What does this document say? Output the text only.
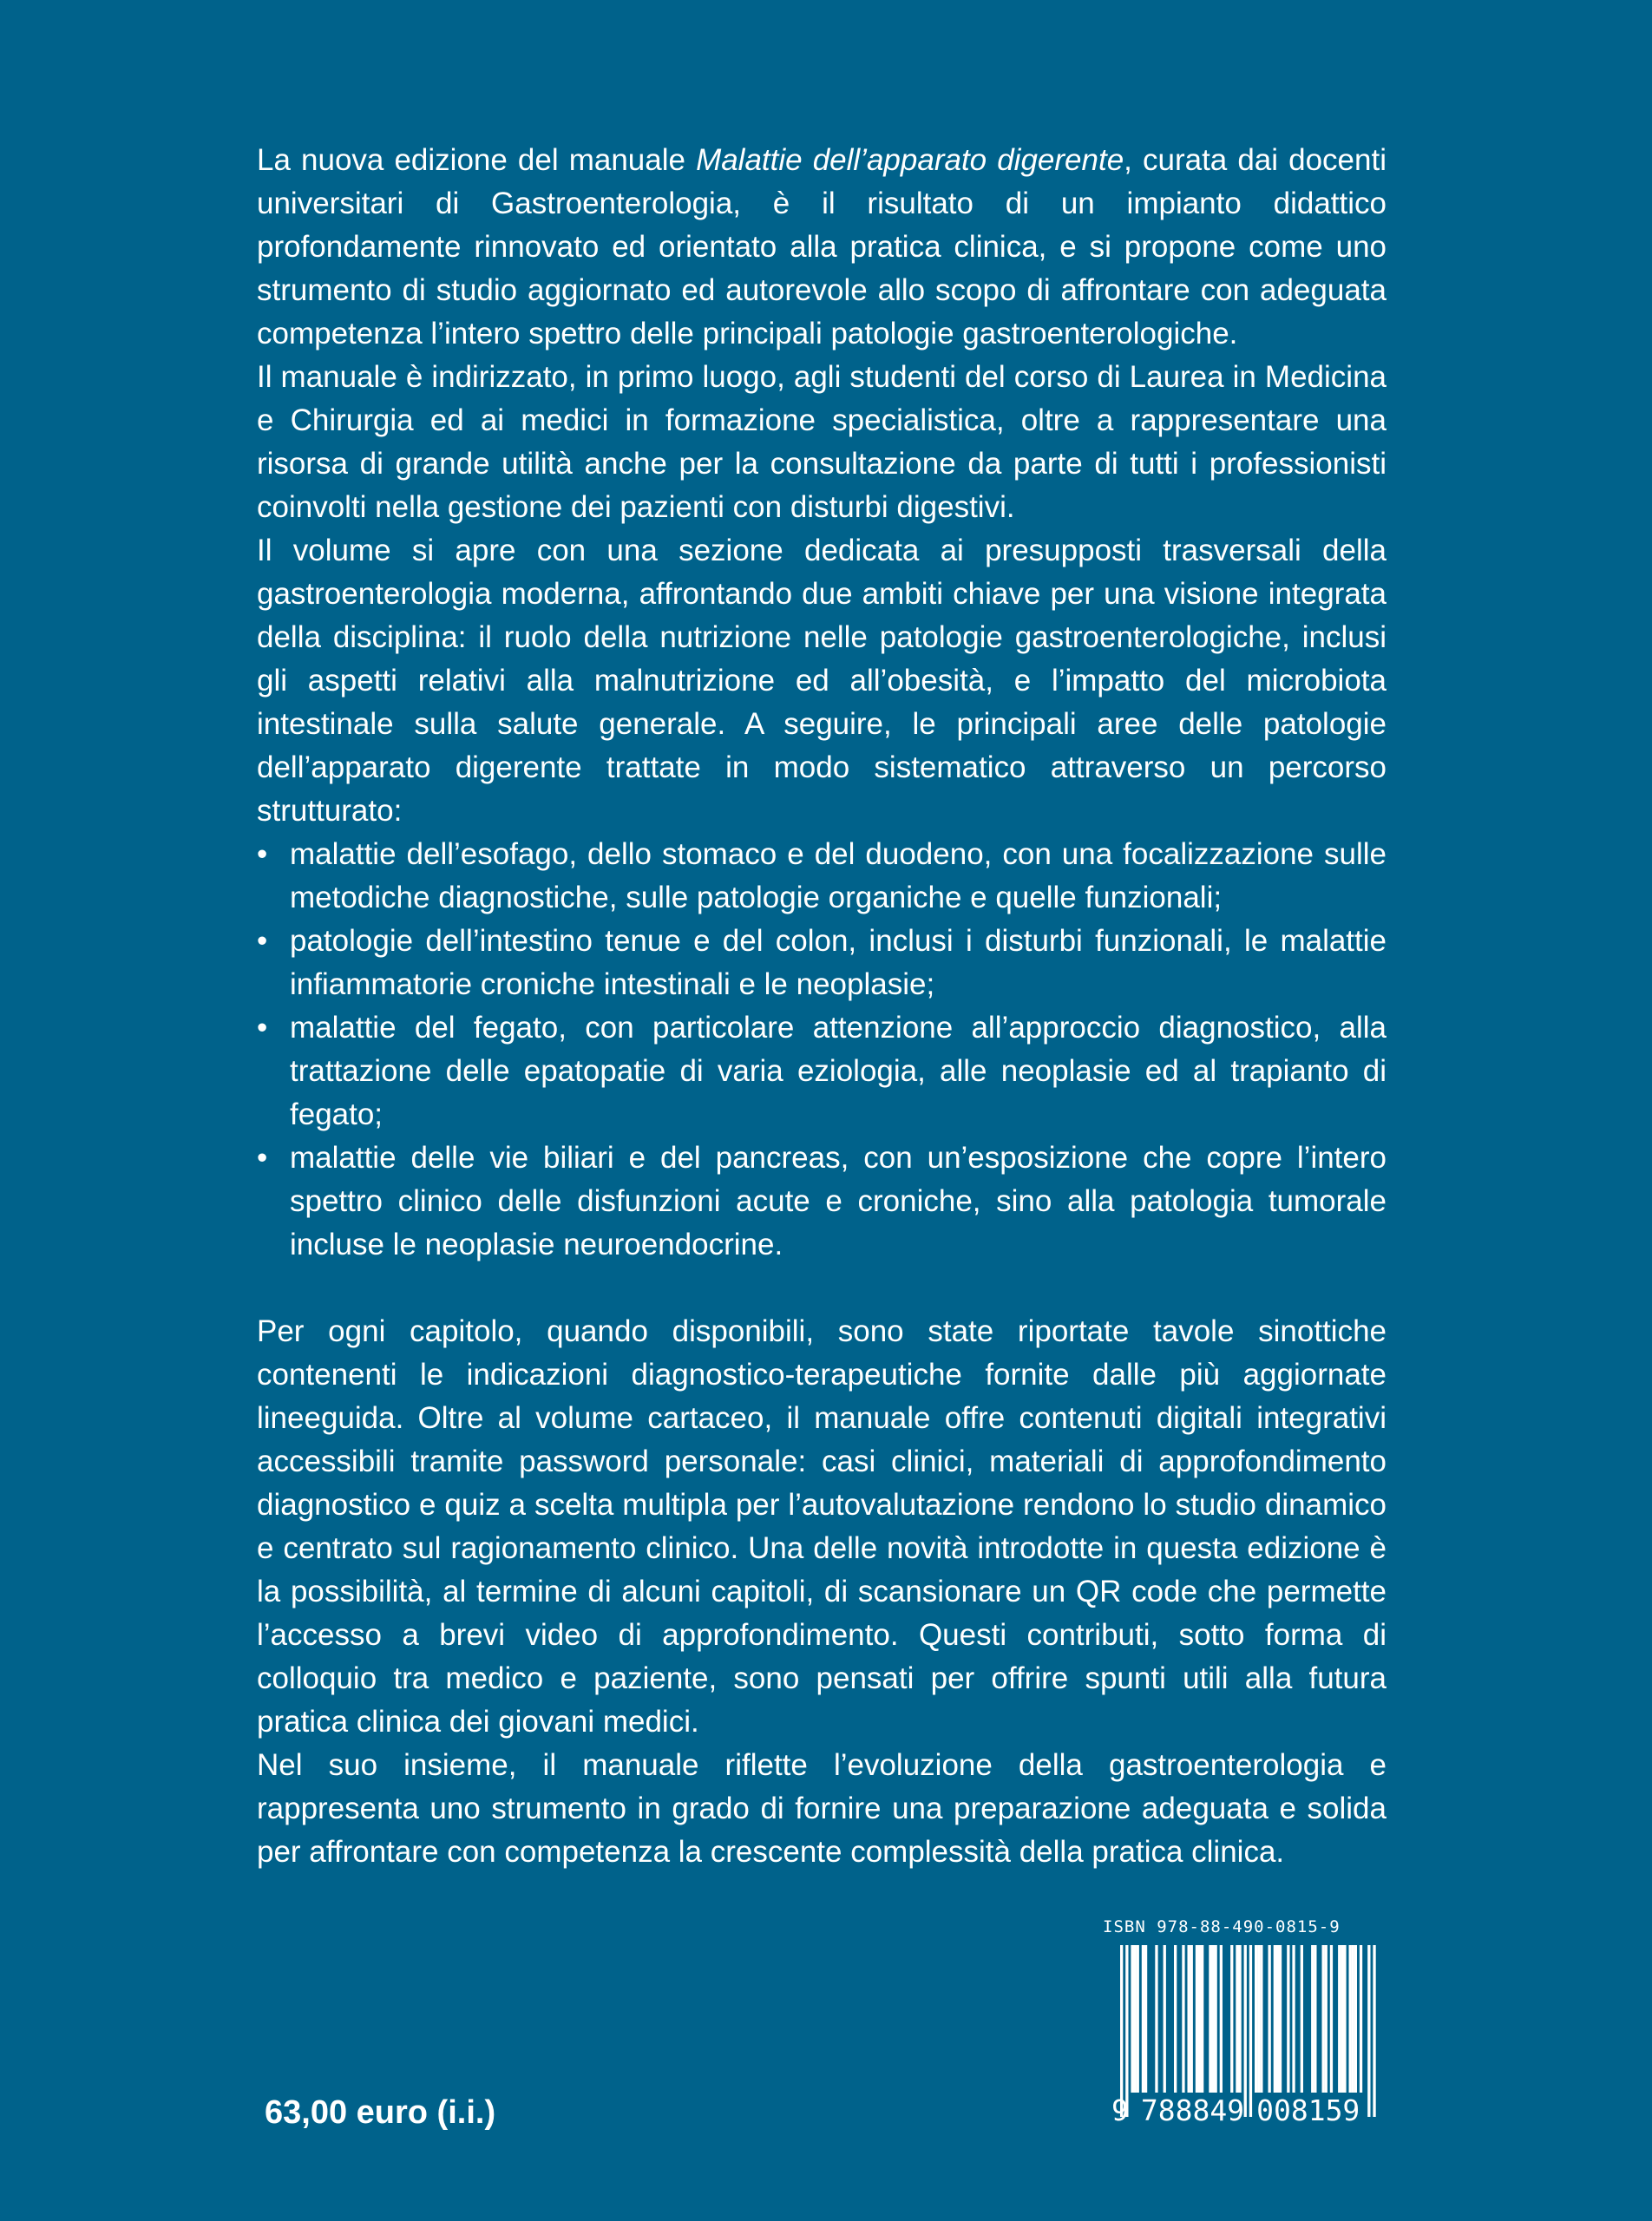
La nuova edizione del manuale Malattie dell’apparato digerente, curata dai docenti universitari di Gastroenterologia, è il risultato di un impianto didattico profondamente rinnovato ed orientato alla pratica clinica, e si propone come uno strumento di studio aggiornato ed autorevole allo scopo di affrontare con adeguata competenza l’intero spettro delle principali patologie gastroenterologiche.

Il manuale è indirizzato, in primo luogo, agli studenti del corso di Laurea in Medicina e Chirurgia ed ai medici in formazione specialistica, oltre a rappresentare una risorsa di grande utilità anche per la consultazione da parte di tutti i professionisti coinvolti nella gestione dei pazienti con disturbi digestivi.

Il volume si apre con una sezione dedicata ai presupposti trasversali della gastroenterologia moderna, affrontando due ambiti chiave per una visione integrata della disciplina: il ruolo della nutrizione nelle patologie gastroenterologiche, inclusi gli aspetti relativi alla malnutrizione ed all’obesità, e l’impatto del microbiota intestinale sulla salute generale. A seguire, le principali aree delle patologie dell’apparato digerente trattate in modo sistematico attraverso un percorso strutturato:

• malattie dell’esofago, dello stomaco e del duodeno, con una focalizzazione sulle metodiche diagnostiche, sulle patologie organiche e quelle funzionali;
• patologie dell’intestino tenue e del colon, inclusi i disturbi funzionali, le malattie infiammatorie croniche intestinali e le neoplasie;
• malattie del fegato, con particolare attenzione all’approccio diagnostico, alla trattazione delle epatopatie di varia eziologia, alle neoplasie ed al trapianto di fegato;
• malattie delle vie biliari e del pancreas, con un’esposizione che copre l’intero spettro clinico delle disfunzioni acute e croniche, sino alla patologia tumorale incluse le neoplasie neuroendocrine.

Per ogni capitolo, quando disponibili, sono state riportate tavole sinottiche contenenti le indicazioni diagnostico-terapeutiche fornite dalle più aggiornate lineeguida. Oltre al volume cartaceo, il manuale offre contenuti digitali integrativi accessibili tramite password personale: casi clinici, materiali di approfondimento diagnostico e quiz a scelta multipla per l’autovalutazione rendono lo studio dinamico e centrato sul ragionamento clinico. Una delle novità introdotte in questa edizione è la possibilità, al termine di alcuni capitoli, di scansionare un QR code che permette l’accesso a brevi video di approfondimento. Questi contributi, sotto forma di colloquio tra medico e paziente, sono pensati per offrire spunti utili alla futura pratica clinica dei giovani medici.

Nel suo insieme, il manuale riflette l’evoluzione della gastroenterologia e rappresenta uno strumento in grado di fornire una preparazione adeguata e solida per affrontare con competenza la crescente complessità della pratica clinica.

63,00 euro (i.i.)
ISBN 978-88-490-0815-9
9 788849 008159
